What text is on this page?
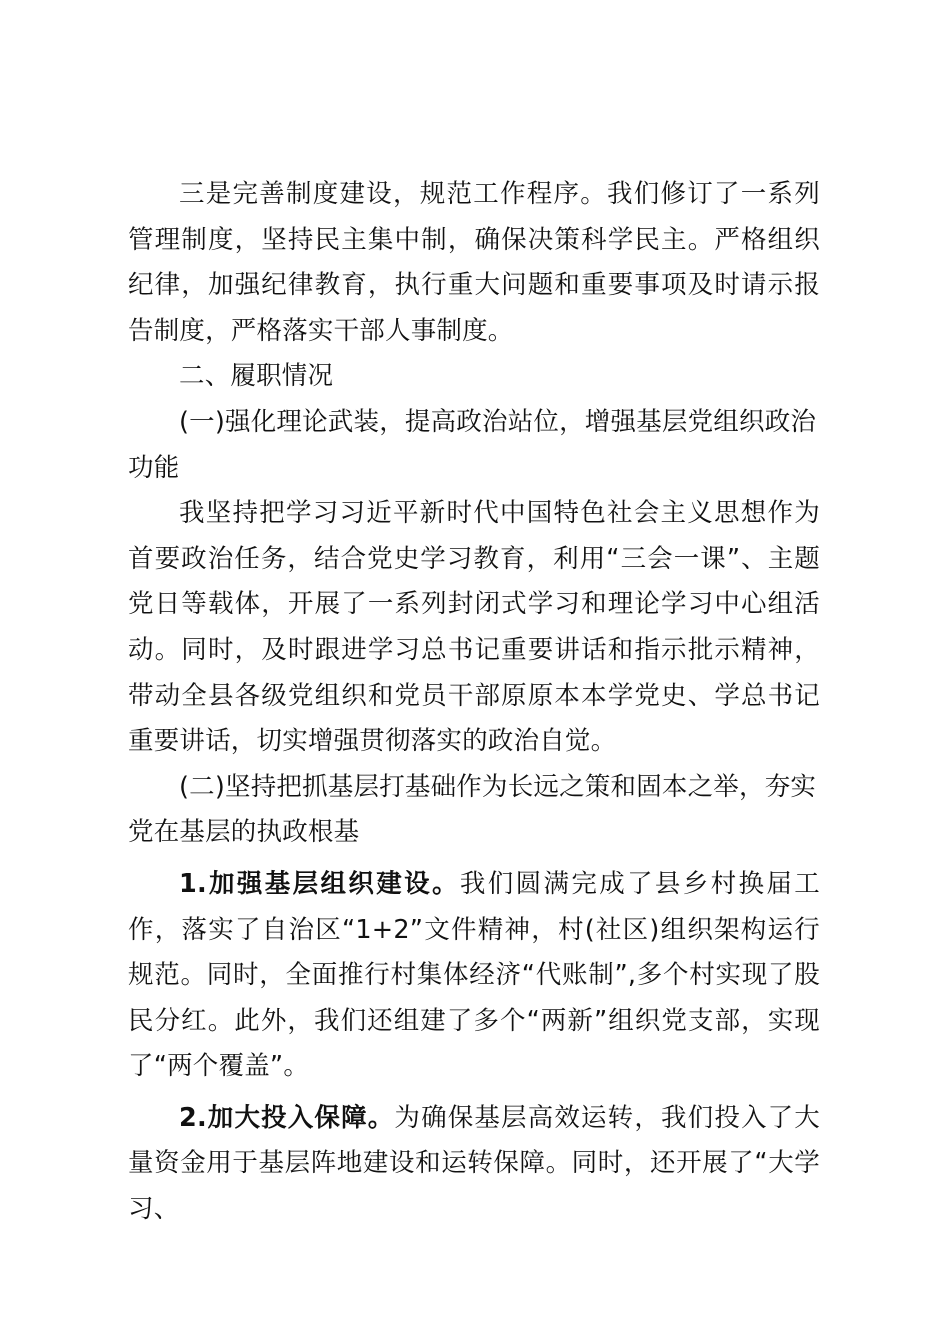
三是完善制度建设，规范工作程序。我们修订了一系列管理制度，坚持民主集中制，确保决策科学民主。严格组织纪律，加强纪律教育，执行重大问题和重要事项及时请示报告制度，严格落实干部人事制度。

二、履职情况

(一)强化理论武装，提高政治站位，增强基层党组织政治功能

我坚持把学习习近平新时代中国特色社会主义思想作为首要政治任务，结合党史学习教育，利用“三会一课”、主题党日等载体，开展了一系列封闭式学习和理论学习中心组活动。同时，及时跟进学习总书记重要讲话和指示批示精神，带动全县各级党组织和党员干部原原本本学党史、学总书记重要讲话，切实增强贯彻落实的政治自觉。

(二)坚持把抓基层打基础作为长远之策和固本之举，夯实党在基层的执政根基

1.加强基层组织建设。我们圆满完成了县乡村换届工作，落实了自治区“1+2”文件精神，村(社区)组织架构运行规范。同时，全面推行村集体经济“代账制”,多个村实现了股民分红。此外，我们还组建了多个“两新”组织党支部，实现了“两个覆盖”。

2.加大投入保障。为确保基层高效运转，我们投入了大量资金用于基层阵地建设和运转保障。同时，还开展了“大学习、
